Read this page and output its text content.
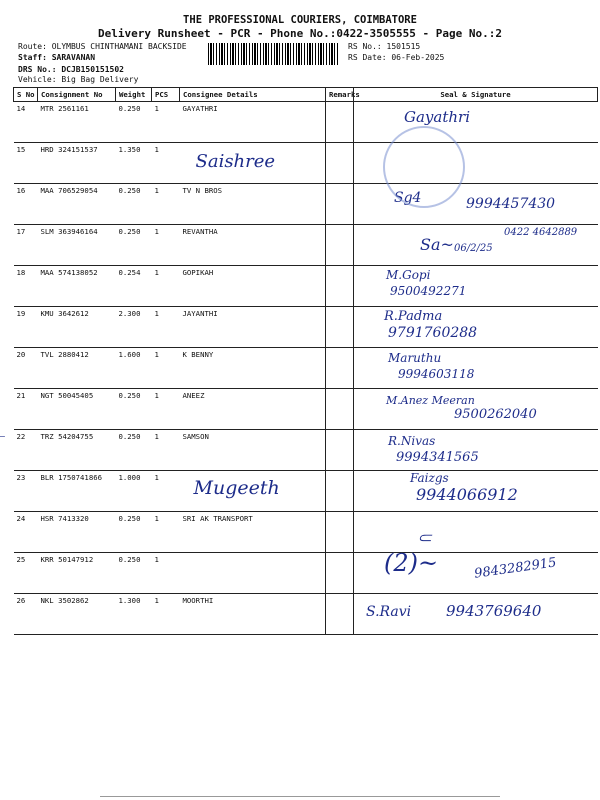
THE PROFESSIONAL COURIERS, COIMBATORE
Delivery Runsheet - PCR - Phone No.:0422-3505555 - Page No.:2
Route: OLYMBUS CHINTHAMANI BACKSIDE
Staff: SARAVANAN
DRS No.: DCJB150151502
Vehicle: Big Bag Delivery
RS No.: 1501515
RS Date: 06-Feb-2025
S No	Consignment No	Weight	PCS	Consignee Details	Remarks	Seal & Signature
14	MTR 2561161	0.250	1	GAYATHRI		Gayathri

15	HRD 324151537	1.350	1	Saishree		

16	MAA 706529054	0.250	1	TV N BROS		Sg4 9994457430

17	SLM 363946164	0.250	1	REVANTHA		Sa~ 06/2/25
0422 4642889

18	MAA 574138052	0.254	1	GOPIKAH		M.Gopi
9500492271

19	KMU 3642612	2.300	1	JAYANTHI		R.Padma
9791760288

20	TVL 2880412	1.600	1	K BENNY		Maruthu
9994603118

21	NGT 50045405	0.250	1	ANEEZ		M.Anez Meeran
9500262040

– 22	TRZ 54204755	0.250	1	SAMSON		R.Nivas
9994341565

23	BLR 1750741866	1.000	1	Mugeeth		Faizgs
9944066912

24	HSR 7413320	0.250	1	SRI AK TRANSPORT		⁠⸦

25	KRR 50147912	0.250	1			(2)~ 9843282915

26	NKL 3502862	1.300	1	MOORTHI		S.Ravi 9943769640
